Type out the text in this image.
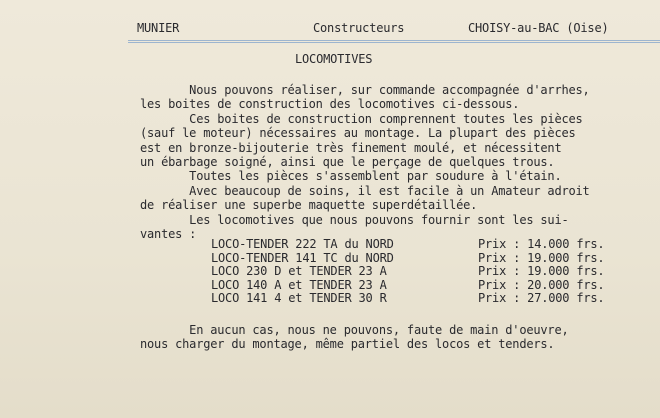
MUNIER	Constructeurs	CHOISY-au-BAC (Oise)
LOCOMOTIVES

Nous pouvons réaliser, sur commande accompagnée d'arrhes,

les boites de construction des locomotives ci-dessous.

Ces boites de construction comprennent toutes les pièces

(sauf le moteur) nécessaires au montage. La plupart des pièces

est en bronze-bijouterie très finement moulé, et nécessitent

un ébarbage soigné, ainsi que le perçage de quelques trous.

Toutes les pièces s'assemblent par soudure à l'étain.

Avec beaucoup de soins, il est facile à un Amateur adroit

de réaliser une superbe maquette superdétaillée.

Les locomotives que nous pouvons fournir sont les sui-

vantes :

LOCO-TENDER 222 TA du NORD	Prix : 14.000 frs.
LOCO-TENDER 141 TC du NORD	Prix : 19.000 frs.
LOCO 230 D et TENDER 23 A	Prix : 19.000 frs.
LOCO 140 A et TENDER 23 A	Prix : 20.000 frs.
LOCO 141 4 et TENDER 30 R	Prix : 27.000 frs.

En aucun cas, nous ne pouvons, faute de main d'oeuvre,

nous charger du montage, même partiel des locos et tenders.
